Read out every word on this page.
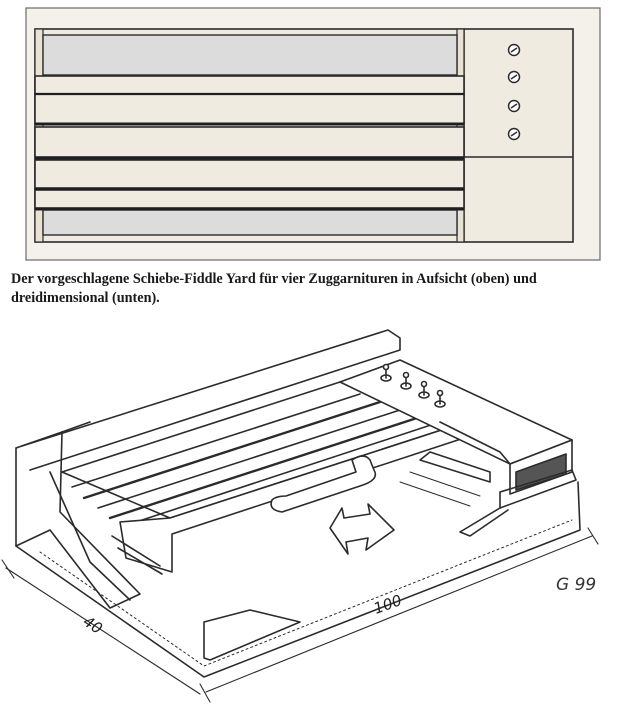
Der vorgeschlagene Schiebe-Fiddle Yard für vier Zuggarnituren in Aufsicht (oben) und dreidimensional (unten).

40
100
G 99
